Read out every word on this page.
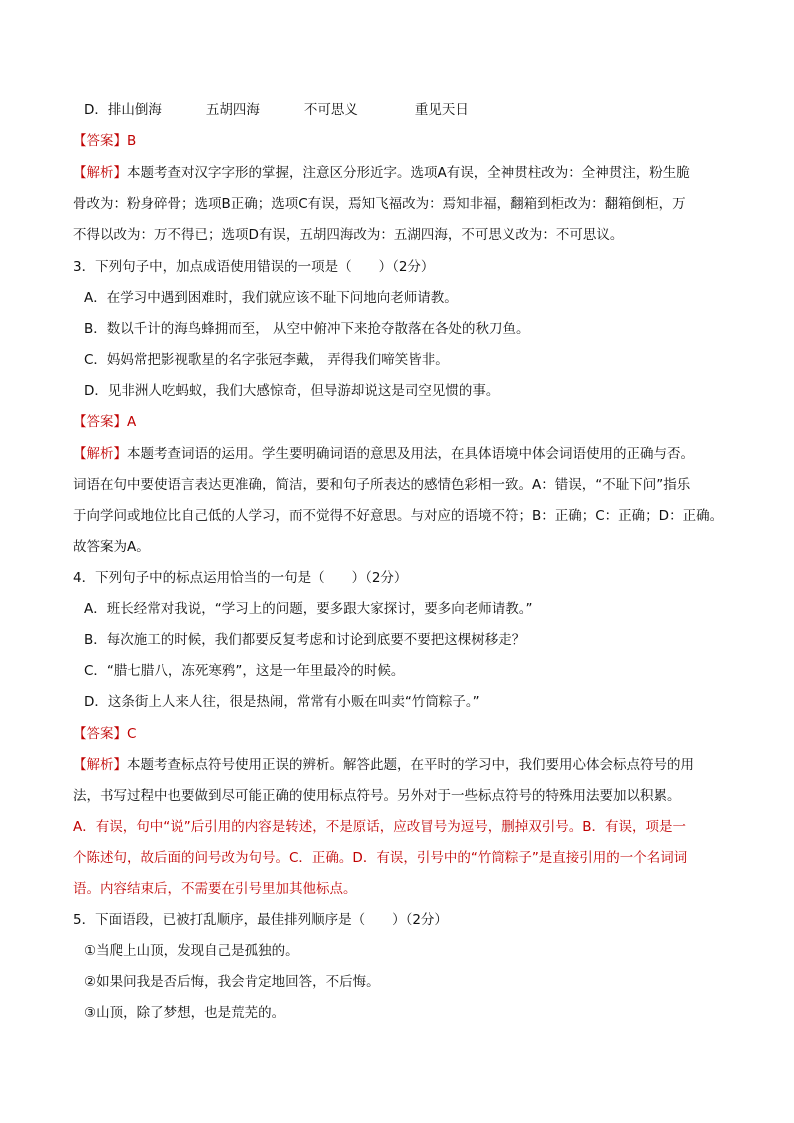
D．排山倒海	五胡四海	不可思义	重见天日
【答案】B
【解析】本题考查对汉字字形的掌握，注意区分形近字。选项A有误，全神贯柱改为：全神贯注，粉生脆
骨改为：粉身碎骨；选项B正确；选项C有误，焉知飞福改为：焉知非福，翻箱到柜改为：翻箱倒柜，万
不得以改为：万不得已；选项D有误，五胡四海改为：五湖四海，不可思义改为：不可思议。
3．下列句子中，加点成语使用错误的一项是（　　）（2分）
A．在学习中遇到困难时，我们就应该不耻下问地向老师请教。
B．数以千计的海鸟蜂拥而至， 从空中俯冲下来抢夺散落在各处的秋刀鱼。
C．妈妈常把影视歌星的名字张冠李戴， 弄得我们啼笑皆非。
D．见非洲人吃蚂蚁，我们大感惊奇，但导游却说这是司空见惯的事。
【答案】A
【解析】本题考查词语的运用。学生要明确词语的意思及用法，在具体语境中体会词语使用的正确与否。
词语在句中要使语言表达更准确，简洁，要和句子所表达的感情色彩相一致。A：错误，“不耻下问”指乐
于向学问或地位比自己低的人学习，而不觉得不好意思。与对应的语境不符；B：正确；C：正确；D：正确。
故答案为A。
4．下列句子中的标点运用恰当的一句是（　　）（2分）
A．班长经常对我说，“学习上的问题，要多跟大家探讨，要多向老师请教。”
B．每次施工的时候，我们都要反复考虑和讨论到底要不要把这棵树移走？
C．“腊七腊八，冻死寒鸦”，这是一年里最冷的时候。
D．这条街上人来人往，很是热闹，常常有小贩在叫卖“竹筒粽子。”
【答案】C
【解析】本题考查标点符号使用正误的辨析。解答此题，在平时的学习中，我们要用心体会标点符号的用
法，书写过程中也要做到尽可能正确的使用标点符号。另外对于一些标点符号的特殊用法要加以积累。
A．有误，句中“说”后引用的内容是转述，不是原话，应改冒号为逗号，删掉双引号。B．有误，项是一
个陈述句，故后面的问号改为句号。C．正确。D．有误，引号中的“竹筒粽子”是直接引用的一个名词词
语。内容结束后，不需要在引号里加其他标点。
5．下面语段，已被打乱顺序，最佳排列顺序是（　　）（2分）
①当爬上山顶，发现自己是孤独的。
②如果问我是否后悔，我会肯定地回答，不后悔。
③山顶，除了梦想，也是荒芜的。
